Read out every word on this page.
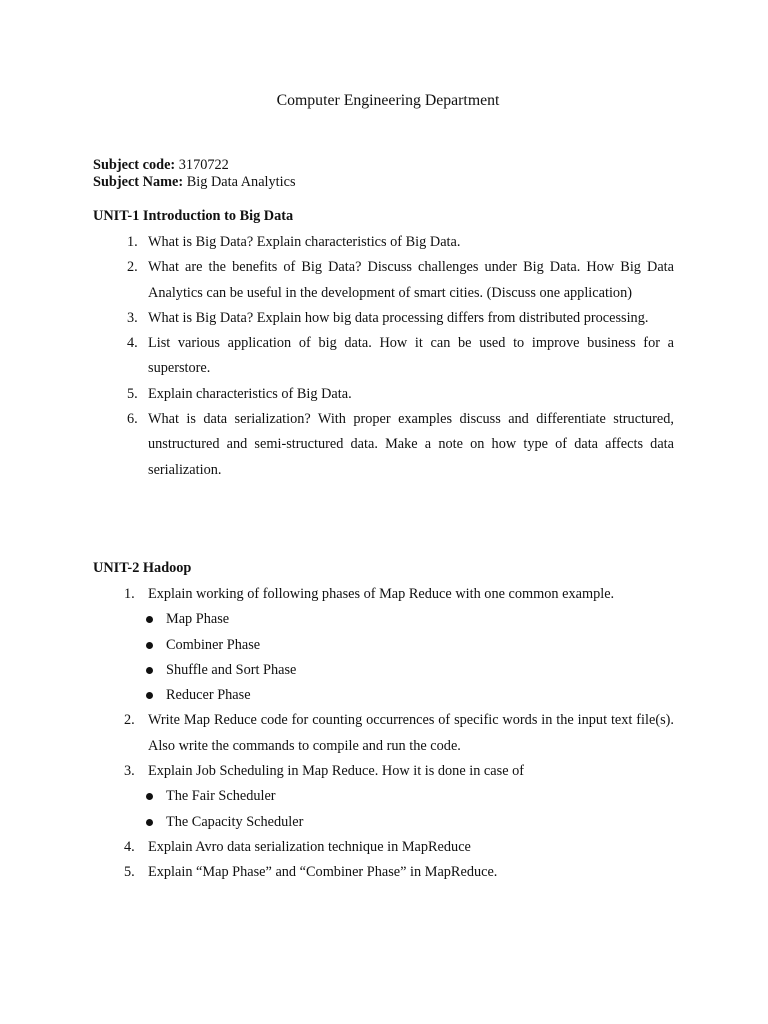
Computer Engineering Department
Subject code: 3170722
Subject Name: Big Data Analytics
UNIT-1 Introduction to Big Data
1. What is Big Data? Explain characteristics of Big Data.
2. What are the benefits of Big Data? Discuss challenges under Big Data. How Big Data Analytics can be useful in the development of smart cities. (Discuss one application)
3. What is Big Data? Explain how big data processing differs from distributed processing.
4. List various application of big data. How it can be used to improve business for a superstore.
5. Explain characteristics of Big Data.
6. What is data serialization? With proper examples discuss and differentiate structured, unstructured and semi-structured data. Make a note on how type of data affects data serialization.
UNIT-2 Hadoop
1. Explain working of following phases of Map Reduce with one common example.
Map Phase
Combiner Phase
Shuffle and Sort Phase
Reducer Phase
2. Write Map Reduce code for counting occurrences of specific words in the input text file(s). Also write the commands to compile and run the code.
3. Explain Job Scheduling in Map Reduce. How it is done in case of
The Fair Scheduler
The Capacity Scheduler
4. Explain Avro data serialization technique in MapReduce
5. Explain “Map Phase” and “Combiner Phase” in MapReduce.
